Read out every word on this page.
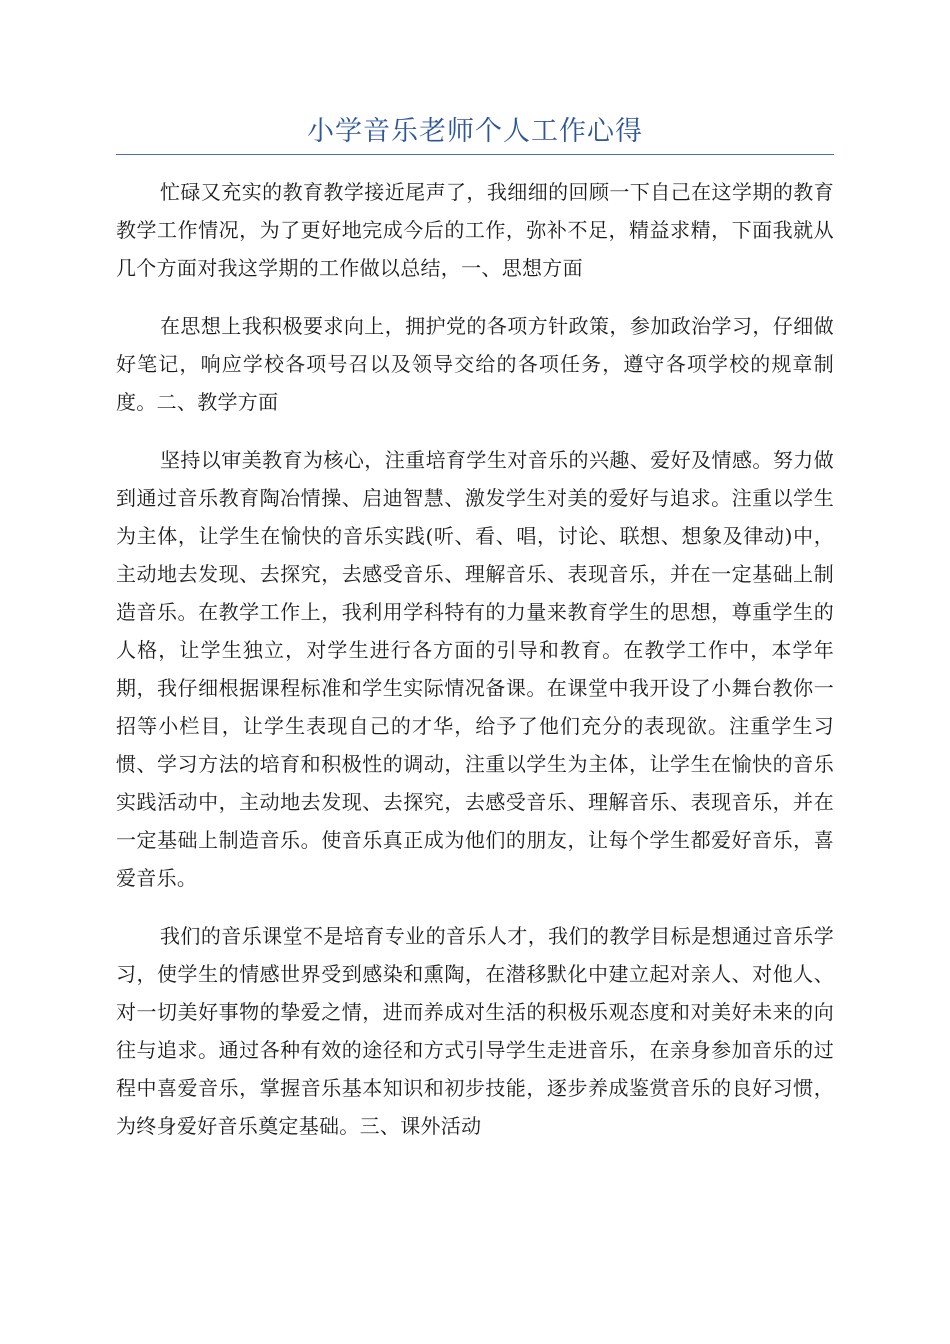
小学音乐老师个人工作心得

忙碌又充实的教育教学接近尾声了，我细细的回顾一下自己在这学期的教育教学工作情况，为了更好地完成今后的工作，弥补不足，精益求精，下面我就从几个方面对我这学期的工作做以总结，一、思想方面

在思想上我积极要求向上，拥护党的各项方针政策，参加政治学习，仔细做好笔记，响应学校各项号召以及领导交给的各项任务，遵守各项学校的规章制度。二、教学方面

坚持以审美教育为核心，注重培育学生对音乐的兴趣、爱好及情感。努力做到通过音乐教育陶冶情操、启迪智慧、激发学生对美的爱好与追求。注重以学生为主体，让学生在愉快的音乐实践(听、看、唱，讨论、联想、想象及律动)中，主动地去发现、去探究，去感受音乐、理解音乐、表现音乐，并在一定基础上制造音乐。在教学工作上，我利用学科特有的力量来教育学生的思想，尊重学生的人格，让学生独立，对学生进行各方面的引导和教育。在教学工作中，本学年期，我仔细根据课程标准和学生实际情况备课。在课堂中我开设了小舞台教你一招等小栏目，让学生表现自己的才华，给予了他们充分的表现欲。注重学生习惯、学习方法的培育和积极性的调动，注重以学生为主体，让学生在愉快的音乐实践活动中，主动地去发现、去探究，去感受音乐、理解音乐、表现音乐，并在一定基础上制造音乐。使音乐真正成为他们的朋友，让每个学生都爱好音乐，喜爱音乐。

我们的音乐课堂不是培育专业的音乐人才，我们的教学目标是想通过音乐学习，使学生的情感世界受到感染和熏陶，在潜移默化中建立起对亲人、对他人、对一切美好事物的挚爱之情，进而养成对生活的积极乐观态度和对美好未来的向往与追求。通过各种有效的途径和方式引导学生走进音乐，在亲身参加音乐的过程中喜爱音乐，掌握音乐基本知识和初步技能，逐步养成鉴赏音乐的良好习惯，为终身爱好音乐奠定基础。三、课外活动
